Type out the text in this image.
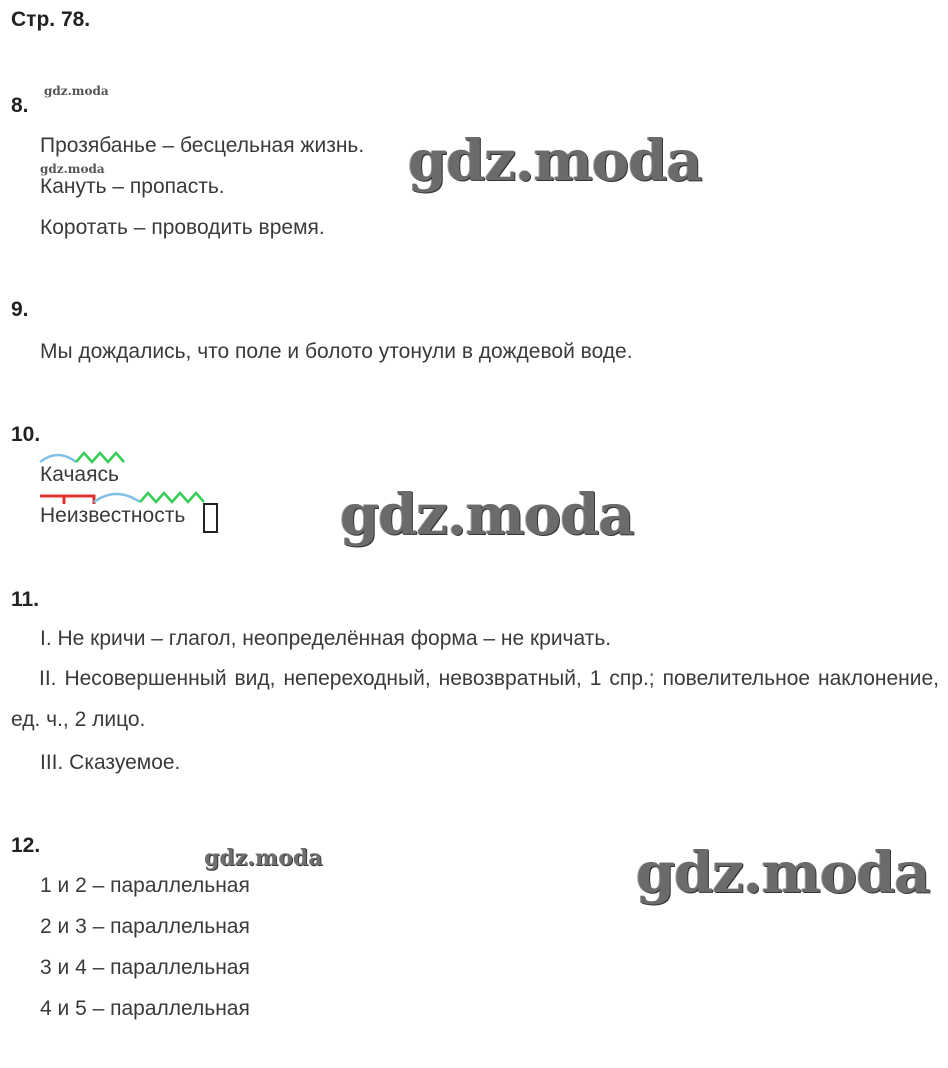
Стр. 78.
8.
gdz.moda
Прозябанье – бесцельная жизнь.
gdz.moda
Кануть – пропасть.
Коротать – проводить время.
gdz.moda
9.
Мы дождались, что поле и болото утонули в дождевой воде.
10.
Качаясь
Неизвестность	gdz.moda
11.
I. Не кричи – глагол, неопределённая форма – не кричать.
II. Несовершенный вид, непереходный, невозвратный, 1 спр.; повелительное наклонение, ед. ч., 2 лицо.
III. Сказуемое.
12.	gdz.moda
1 и 2 – параллельная
2 и 3 – параллельная
3 и 4 – параллельная
4 и 5 – параллельная
gdz.moda
